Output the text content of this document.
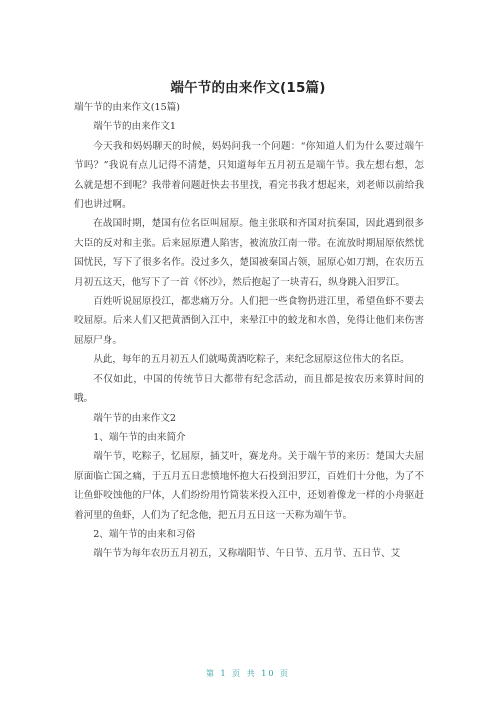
端午节的由来作文(15篇)

端午节的由来作文(15篇)

端午节的由来作文1

今天我和妈妈聊天的时候，妈妈问我一个问题：“你知道人们为什么要过端午节吗？”我说有点儿记得不清楚，只知道每年五月初五是端午节。我左想右想，怎么就是想不到呢？我带着问题赶快去书里找，看完书我才想起来，刘老师以前给我们也讲过啊。

在战国时期，楚国有位名臣叫屈原。他主张联和齐国对抗秦国，因此遇到很多大臣的反对和主张。后来屈原遭人陷害，被流放江南一带。在流放时期屈原依然忧国忧民，写下了很多名作。没过多久，楚国被秦国占领，屈原心如刀割，在农历五月初五这天，他写下了一首《怀沙》，然后抱起了一块青石，纵身跳入汨罗江。

百姓听说屈原投江，都悲痛万分。人们把一些食物扔进江里，希望鱼虾不要去咬屈原。后来人们又把黄酒倒入江中，来晕江中的蛟龙和水兽，免得让他们来伤害屈原尸身。

从此，每年的五月初五人们就喝黄酒吃粽子，来纪念屈原这位伟大的名臣。

不仅如此，中国的传统节日大都带有纪念活动，而且都是按农历来算时间的哦。

端午节的由来作文2

1、端午节的由来简介

端午节，吃粽子，忆屈原，插艾叶，赛龙舟。关于端午节的来历：楚国大夫屈原面临亡国之痛，于五月五日悲愤地怀抱大石投到汨罗江，百姓们十分他，为了不让鱼虾咬蚀他的尸体，人们纷纷用竹筒装米投入江中，还划着像龙一样的小舟驱赶着河里的鱼虾，人们为了纪念他，把五月五日这一天称为端午节。

2、端午节的由来和习俗

端午节为每年农历五月初五，又称端阳节、午日节、五月节、五日节、艾

第 1 页 共 10 页
